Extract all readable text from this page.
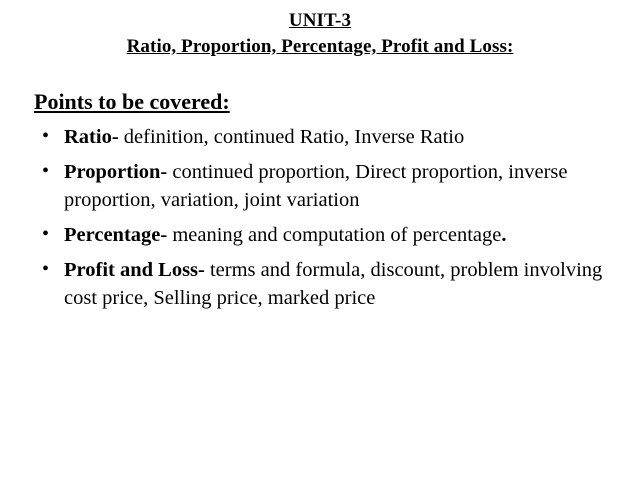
UNIT-3
Ratio, Proportion, Percentage, Profit and Loss:
Points to be covered:
• Ratio- definition, continued Ratio, Inverse Ratio
• Proportion- continued proportion, Direct proportion, inverse proportion, variation, joint variation
• Percentage- meaning and computation of percentage.
• Profit and Loss- terms and formula, discount, problem involving cost price, Selling price, marked price
